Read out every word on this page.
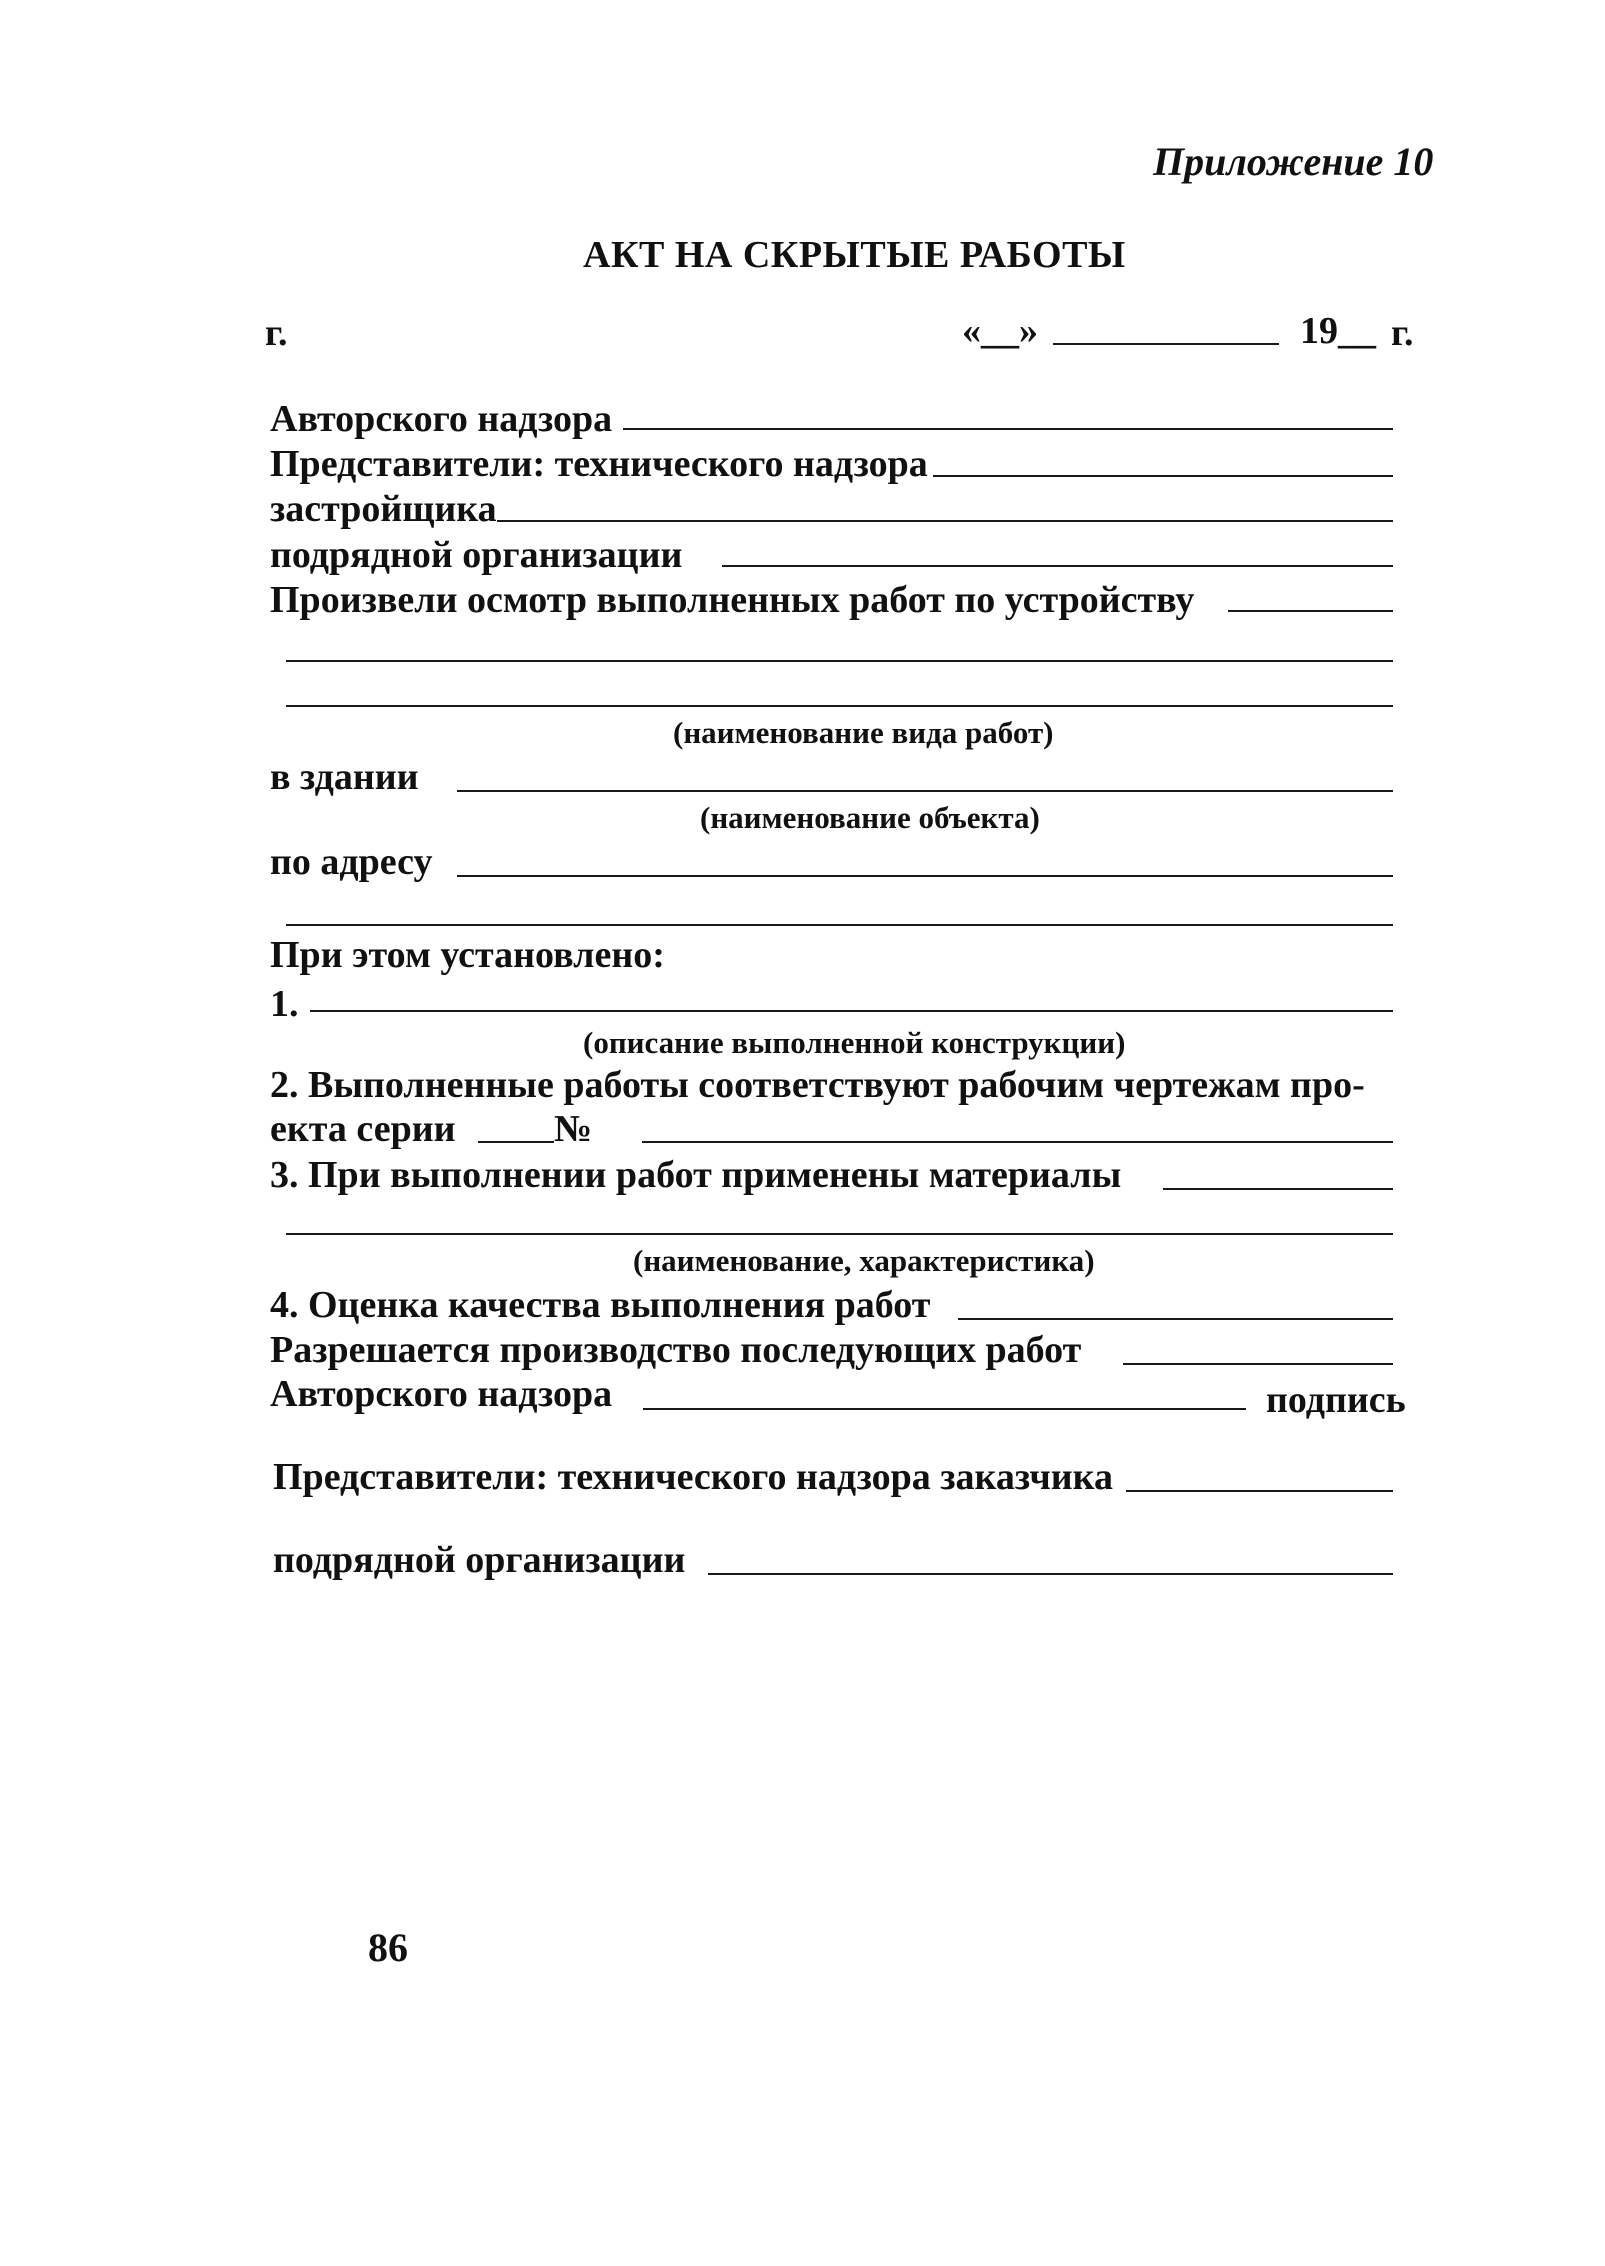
Приложение 10
АКТ НА СКРЫТЫЕ РАБОТЫ
г.	«__»	19__ г.
Авторского надзора
Представители: технического надзора
застройщика
подрядной организации
Произвели осмотр выполненных работ по устройству
(наименование вида работ)
в здании
(наименование объекта)
по адресу
При этом установлено:
1.
(описание выполненной конструкции)
2. Выполненные работы соответствуют рабочим чертежам про-
екта серии	№
3. При выполнении работ применены материалы
(наименование, характеристика)
4. Оценка качества выполнения работ
Разрешается производство последующих работ
Авторского надзора	подпись
Представители: технического надзора заказчика
подрядной организации
86
